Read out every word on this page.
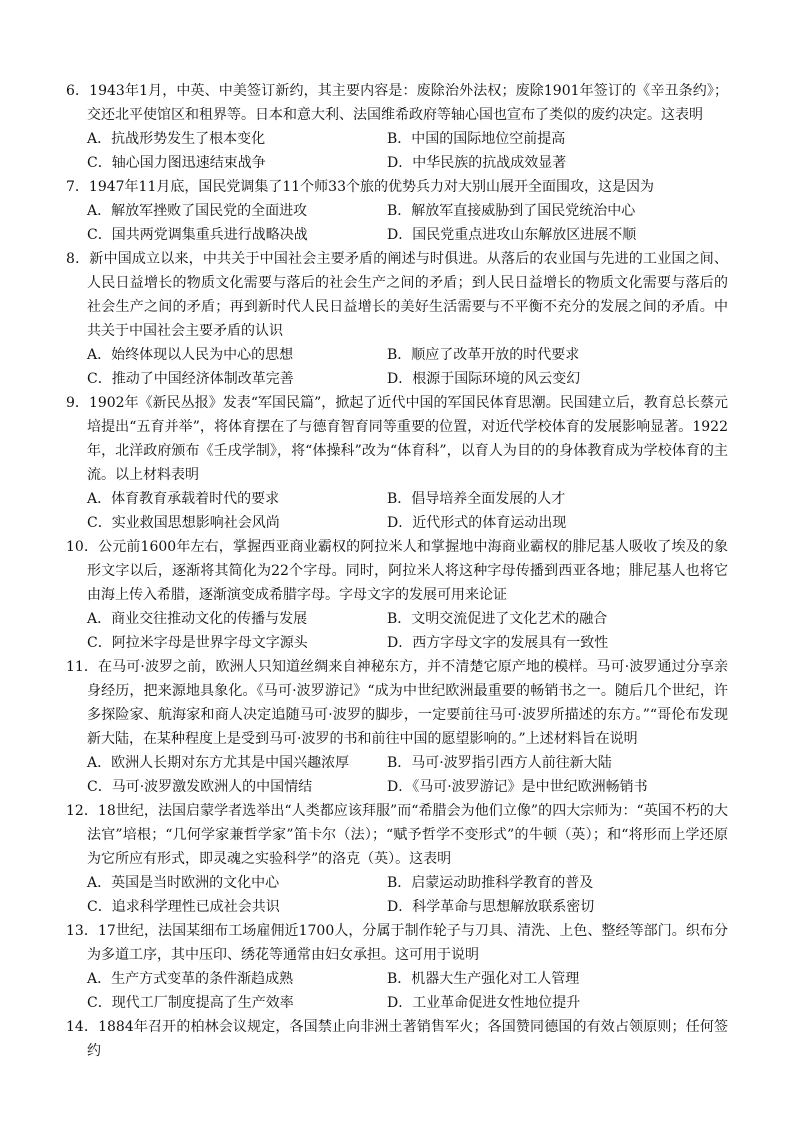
6．1943年1月，中英、中美签订新约，其主要内容是：废除治外法权；废除1901年签订的《辛丑条约》；交还北平使馆区和租界等。日本和意大利、法国维希政府等轴心国也宣布了类似的废约决定。这表明

A．抗战形势发生了根本变化	B．中国的国际地位空前提高
C．轴心国力图迅速结束战争	D．中华民族的抗战成效显著

7．1947年11月底，国民党调集了11个师33个旅的优势兵力对大别山展开全面围攻，这是因为

A．解放军挫败了国民党的全面进攻	B．解放军直接威胁到了国民党统治中心
C．国共两党调集重兵进行战略决战	D．国民党重点进攻山东解放区进展不顺

8．新中国成立以来，中共关于中国社会主要矛盾的阐述与时俱进。从落后的农业国与先进的工业国之间、人民日益增长的物质文化需要与落后的社会生产之间的矛盾；到人民日益增长的物质文化需要与落后的社会生产之间的矛盾；再到新时代人民日益增长的美好生活需要与不平衡不充分的发展之间的矛盾。中共关于中国社会主要矛盾的认识

A．始终体现以人民为中心的思想	B．顺应了改革开放的时代要求
C．推动了中国经济体制改革完善	D．根源于国际环境的风云变幻

9．1902年《新民丛报》发表“军国民篇”，掀起了近代中国的军国民体育思潮。民国建立后，教育总长蔡元培提出“五育并举”，将体育摆在了与德育智育同等重要的位置，对近代学校体育的发展影响显著。1922年，北洋政府颁布《壬戌学制》，将“体操科”改为“体育科”，以育人为目的的身体教育成为学校体育的主流。以上材料表明

A．体育教育承载着时代的要求	B．倡导培养全面发展的人才
C．实业救国思想影响社会风尚	D．近代形式的体育运动出现

10．公元前1600年左右，掌握西亚商业霸权的阿拉米人和掌握地中海商业霸权的腓尼基人吸收了埃及的象形文字以后，逐渐将其简化为22个字母。同时，阿拉米人将这种字母传播到西亚各地；腓尼基人也将它由海上传入希腊，逐渐演变成希腊字母。字母文字的发展可用来论证

A．商业交往推动文化的传播与发展	B．文明交流促进了文化艺术的融合
C．阿拉米字母是世界字母文字源头	D．西方字母文字的发展具有一致性

11．在马可·波罗之前，欧洲人只知道丝绸来自神秘东方，并不清楚它原产地的模样。马可·波罗通过分享亲身经历，把来源地具象化。《马可·波罗游记》“成为中世纪欧洲最重要的畅销书之一。随后几个世纪，许多探险家、航海家和商人决定追随马可·波罗的脚步，一定要前往马可·波罗所描述的东方。”“哥伦布发现新大陆，在某种程度上是受到马可·波罗的书和前往中国的愿望影响的。”上述材料旨在说明

A．欧洲人长期对东方尤其是中国兴趣浓厚	B．马可·波罗指引西方人前往新大陆
C．马可·波罗激发欧洲人的中国情结	D．《马可·波罗游记》是中世纪欧洲畅销书

12．18世纪，法国启蒙学者选举出“人类都应该拜服”而“希腊会为他们立像”的四大宗师为：“英国不朽的大法官”培根；“几何学家兼哲学家”笛卡尔（法）；“赋予哲学不变形式”的牛顿（英）；和“将形而上学还原为它所应有形式，即灵魂之实验科学”的洛克（英）。这表明

A．英国是当时欧洲的文化中心	B．启蒙运动助推科学教育的普及
C．追求科学理性已成社会共识	D．科学革命与思想解放联系密切

13．17世纪，法国某细布工场雇佣近1700人，分属于制作轮子与刀具、清洗、上色、整经等部门。织布分为多道工序，其中压印、绣花等通常由妇女承担。这可用于说明

A．生产方式变革的条件渐趋成熟	B．机器大生产强化对工人管理
C．现代工厂制度提高了生产效率	D．工业革命促进女性地位提升

14．1884年召开的柏林会议规定，各国禁止向非洲土著销售军火；各国赞同德国的有效占领原则；任何签约
